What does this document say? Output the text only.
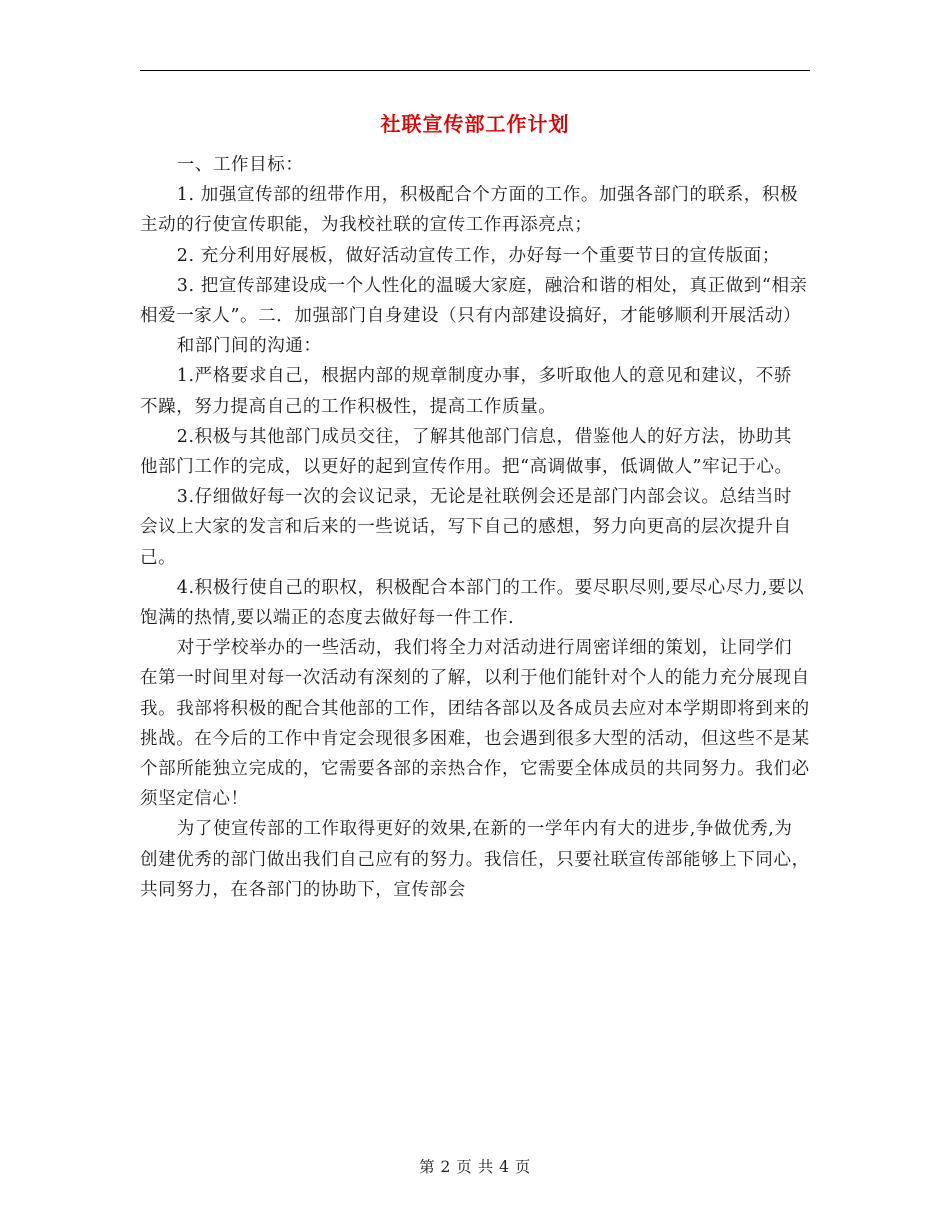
社联宣传部工作计划

一、工作目标：

1. 加强宣传部的纽带作用，积极配合个方面的工作。加强各部门的联系，积极主动的行使宣传职能，为我校社联的宣传工作再添亮点；

2. 充分利用好展板，做好活动宣传工作，办好每一个重要节日的宣传版面；

3. 把宣传部建设成一个人性化的温暖大家庭，融洽和谐的相处，真正做到“相亲相爱一家人”。二．加强部门自身建设（只有内部建设搞好，才能够顺利开展活动）

和部门间的沟通：

1.严格要求自己，根据内部的规章制度办事，多听取他人的意见和建议，不骄不躁，努力提高自己的工作积极性，提高工作质量。

2.积极与其他部门成员交往，了解其他部门信息，借鉴他人的好方法，协助其他部门工作的完成，以更好的起到宣传作用。把“高调做事，低调做人”牢记于心。

3.仔细做好每一次的会议记录，无论是社联例会还是部门内部会议。总结当时会议上大家的发言和后来的一些说话，写下自己的感想，努力向更高的层次提升自己。

4.积极行使自己的职权，积极配合本部门的工作。要尽职尽则,要尽心尽力,要以饱满的热情,要以端正的态度去做好每一件工作.

对于学校举办的一些活动，我们将全力对活动进行周密详细的策划，让同学们在第一时间里对每一次活动有深刻的了解，以利于他们能针对个人的能力充分展现自我。我部将积极的配合其他部的工作，团结各部以及各成员去应对本学期即将到来的挑战。在今后的工作中肯定会现很多困难，也会遇到很多大型的活动，但这些不是某个部所能独立完成的，它需要各部的亲热合作，它需要全体成员的共同努力。我们必须坚定信心！

为了使宣传部的工作取得更好的效果,在新的一学年内有大的进步,争做优秀,为创建优秀的部门做出我们自己应有的努力。我信任，只要社联宣传部能够上下同心，共同努力，在各部门的协助下，宣传部会

第 2 页 共 4 页
